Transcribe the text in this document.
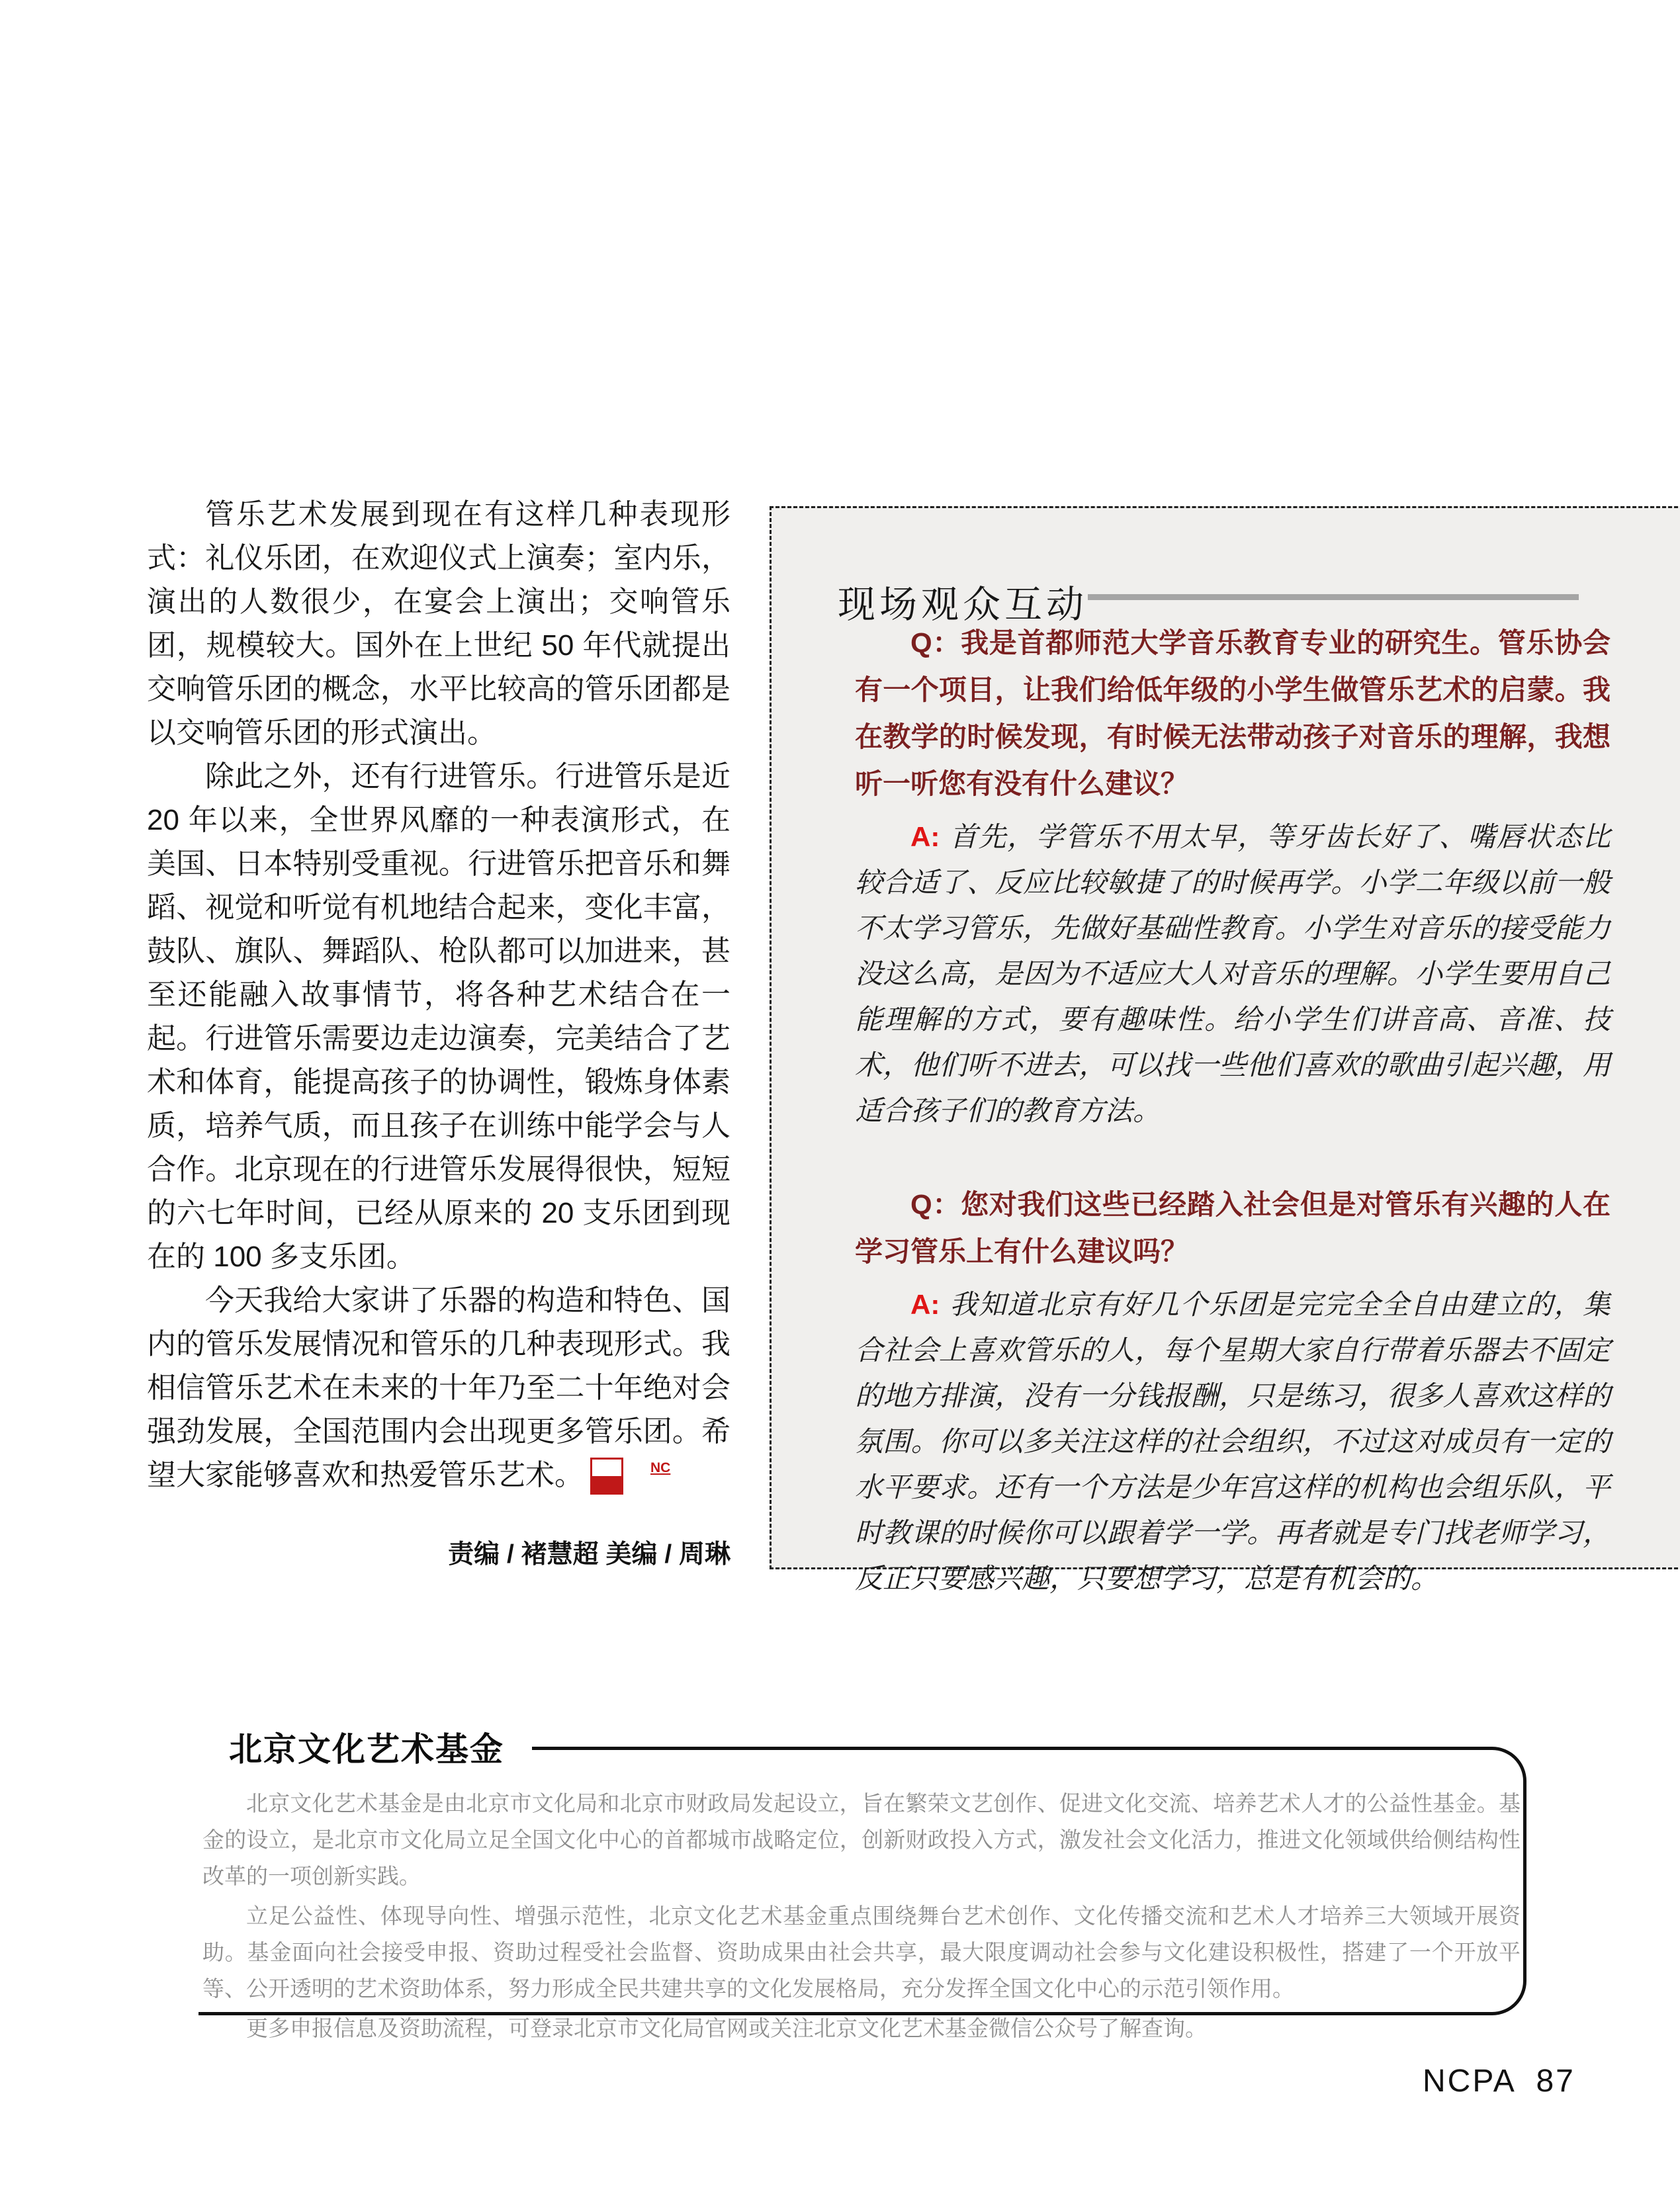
管乐艺术发展到现在有这样几种表现形式：礼仪乐团，在欢迎仪式上演奏；室内乐，演出的人数很少，在宴会上演出；交响管乐团，规模较大。国外在上世纪 50 年代就提出交响管乐团的概念，水平比较高的管乐团都是以交响管乐团的形式演出。

除此之外，还有行进管乐。行进管乐是近 20 年以来，全世界风靡的一种表演形式，在美国、日本特别受重视。行进管乐把音乐和舞蹈、视觉和听觉有机地结合起来，变化丰富，鼓队、旗队、舞蹈队、枪队都可以加进来，甚至还能融入故事情节，将各种艺术结合在一起。行进管乐需要边走边演奏，完美结合了艺术和体育，能提高孩子的协调性，锻炼身体素质，培养气质，而且孩子在训练中能学会与人合作。北京现在的行进管乐发展得很快，短短的六七年时间，已经从原来的 20 支乐团到现在的 100 多支乐团。

今天我给大家讲了乐器的构造和特色、国内的管乐发展情况和管乐的几种表现形式。我相信管乐艺术在未来的十年乃至二十年绝对会强劲发展，全国范围内会出现更多管乐团。希望大家能够喜欢和热爱管乐艺术。 $\frac{NC}{PA}$

责编 / 褚慧超 美编 / 周琳
现场观众互动

Q：我是首都师范大学音乐教育专业的研究生。管乐协会有一个项目，让我们给低年级的小学生做管乐艺术的启蒙。我在教学的时候发现，有时候无法带动孩子对音乐的理解，我想听一听您有没有什么建议？

A: 首先，学管乐不用太早，等牙齿长好了、嘴唇状态比较合适了、反应比较敏捷了的时候再学。小学二年级以前一般不太学习管乐，先做好基础性教育。小学生对音乐的接受能力没这么高，是因为不适应大人对音乐的理解。小学生要用自己能理解的方式，要有趣味性。给小学生们讲音高、音准、技术，他们听不进去，可以找一些他们喜欢的歌曲引起兴趣，用适合孩子们的教育方法。

Q：您对我们这些已经踏入社会但是对管乐有兴趣的人在学习管乐上有什么建议吗？

A: 我知道北京有好几个乐团是完完全全自由建立的，集合社会上喜欢管乐的人，每个星期大家自行带着乐器去不固定的地方排演，没有一分钱报酬，只是练习，很多人喜欢这样的氛围。你可以多关注这样的社会组织，不过这对成员有一定的水平要求。还有一个方法是少年宫这样的机构也会组乐队，平时教课的时候你可以跟着学一学。再者就是专门找老师学习，反正只要感兴趣，只要想学习，总是有机会的。

北京文化艺术基金

北京文化艺术基金是由北京市文化局和北京市财政局发起设立，旨在繁荣文艺创作、促进文化交流、培养艺术人才的公益性基金。基金的设立，是北京市文化局立足全国文化中心的首都城市战略定位，创新财政投入方式，激发社会文化活力，推进文化领域供给侧结构性改革的一项创新实践。

立足公益性、体现导向性、增强示范性，北京文化艺术基金重点围绕舞台艺术创作、文化传播交流和艺术人才培养三大领域开展资助。基金面向社会接受申报、资助过程受社会监督、资助成果由社会共享，最大限度调动社会参与文化建设积极性，搭建了一个开放平等、公开透明的艺术资助体系，努力形成全民共建共享的文化发展格局，充分发挥全国文化中心的示范引领作用。

更多申报信息及资助流程，可登录北京市文化局官网或关注北京文化艺术基金微信公众号了解查询。

NCPA 87
